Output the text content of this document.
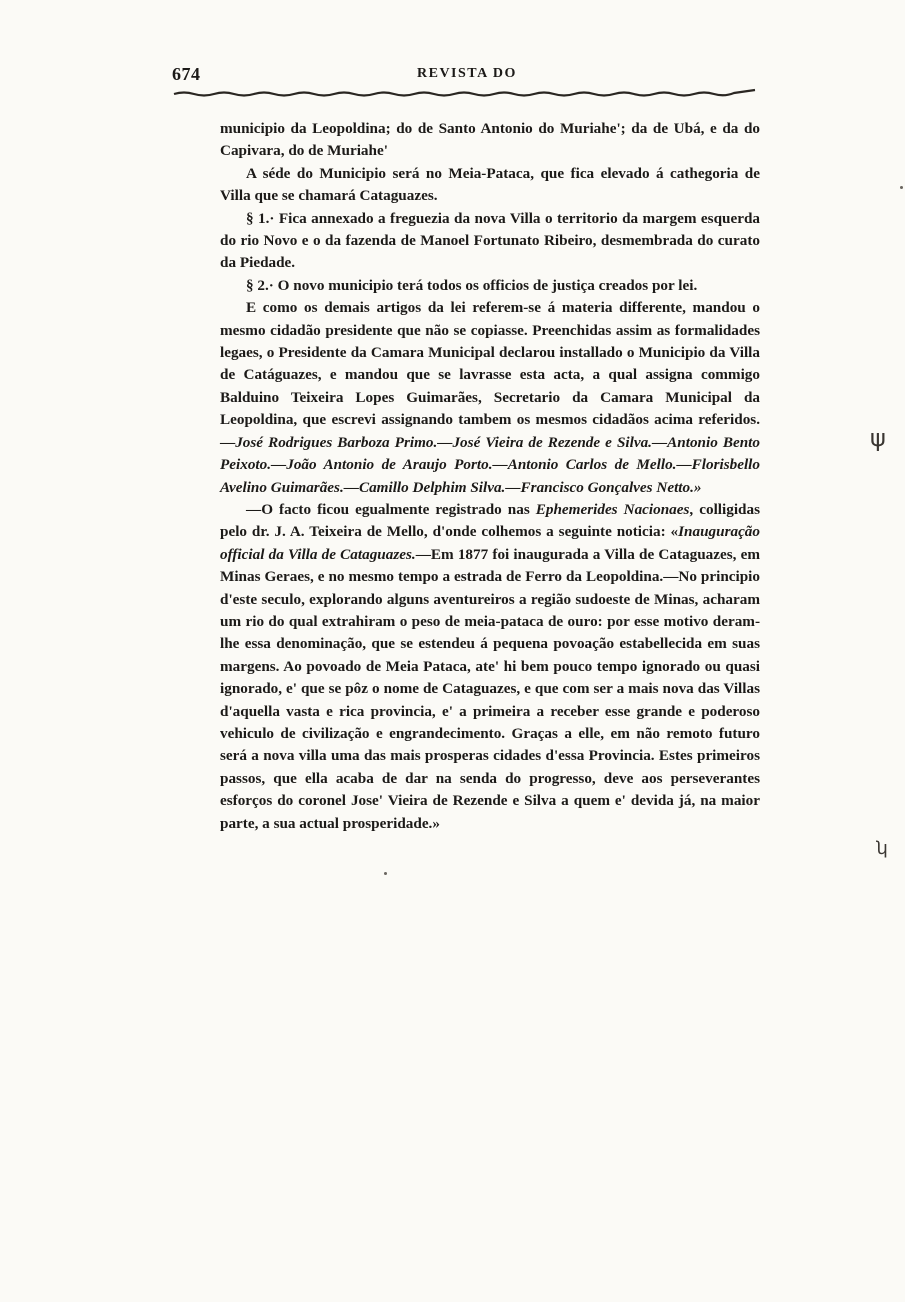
674	REVISTA DO

municipio da Leopoldina; do de Santo Antonio do Muriahe'; da de Ubá, e da do Capivara, do de Muriahe'

A séde do Municipio será no Meia-Pataca, que fica elevado á cathegoria de Villa que se chamará Cataguazes.

§ 1.· Fica annexado a freguezia da nova Villa o territorio da margem esquerda do rio Novo e o da fazenda de Manoel Fortunato Ribeiro, desmembrada do curato da Piedade.

§ 2.· O novo municipio terá todos os officios de justiça creados por lei.

E como os demais artigos da lei referem-se á materia differente, mandou o mesmo cidadão presidente que não se copiasse. Preenchidas assim as formalidades legaes, o Presidente da Camara Municipal declarou installado o Municipio da Villa de Catáguazes, e mandou que se lavrasse esta acta, a qual assigna commigo Balduino Teixeira Lopes Guimarães, Secretario da Camara Municipal da Leopoldina, que escrevi assignando tambem os mesmos cidadãos acima referidos.—José Rodrigues Barboza Primo.—José Vieira de Rezende e Silva.—Antonio Bento Peixoto.—João Antonio de Araujo Porto.—Antonio Carlos de Mello.—Florisbello Avelino Guimarães.—Camillo Delphim Silva.—Francisco Gonçalves Netto.»

—O facto ficou egualmente registrado nas Ephemerides Nacionaes, colligidas pelo dr. J. A. Teixeira de Mello, d'onde colhemos a seguinte noticia: «Inauguração official da Villa de Cataguazes.—Em 1877 foi inaugurada a Villa de Cataguazes, em Minas Geraes, e no mesmo tempo a estrada de Ferro da Leopoldina.—No principio d'este seculo, explorando alguns aventureiros a região sudoeste de Minas, acharam um rio do qual extrahiram o peso de meia-pataca de ouro: por esse motivo deram-lhe essa denominação, que se estendeu á pequena povoação estabellecida em suas margens. Ao povoado de Meia Pataca, ate' hi bem pouco tempo ignorado ou quasi ignorado, e' que se pôz o nome de Cataguazes, e que com ser a mais nova das Villas d'aquella vasta e rica provincia, e' a primeira a receber esse grande e poderoso vehiculo de civilização e engrandecimento. Graças a elle, em não remoto futuro será a nova villa uma das mais prosperas cidades d'essa Provincia. Estes primeiros passos, que ella acaba de dar na senda do progresso, deve aos perseverantes esforços do coronel Jose' Vieira de Rezende e Silva a quem e' devida já, na maior parte, a sua actual prosperidade.»

ψ
ʮ
